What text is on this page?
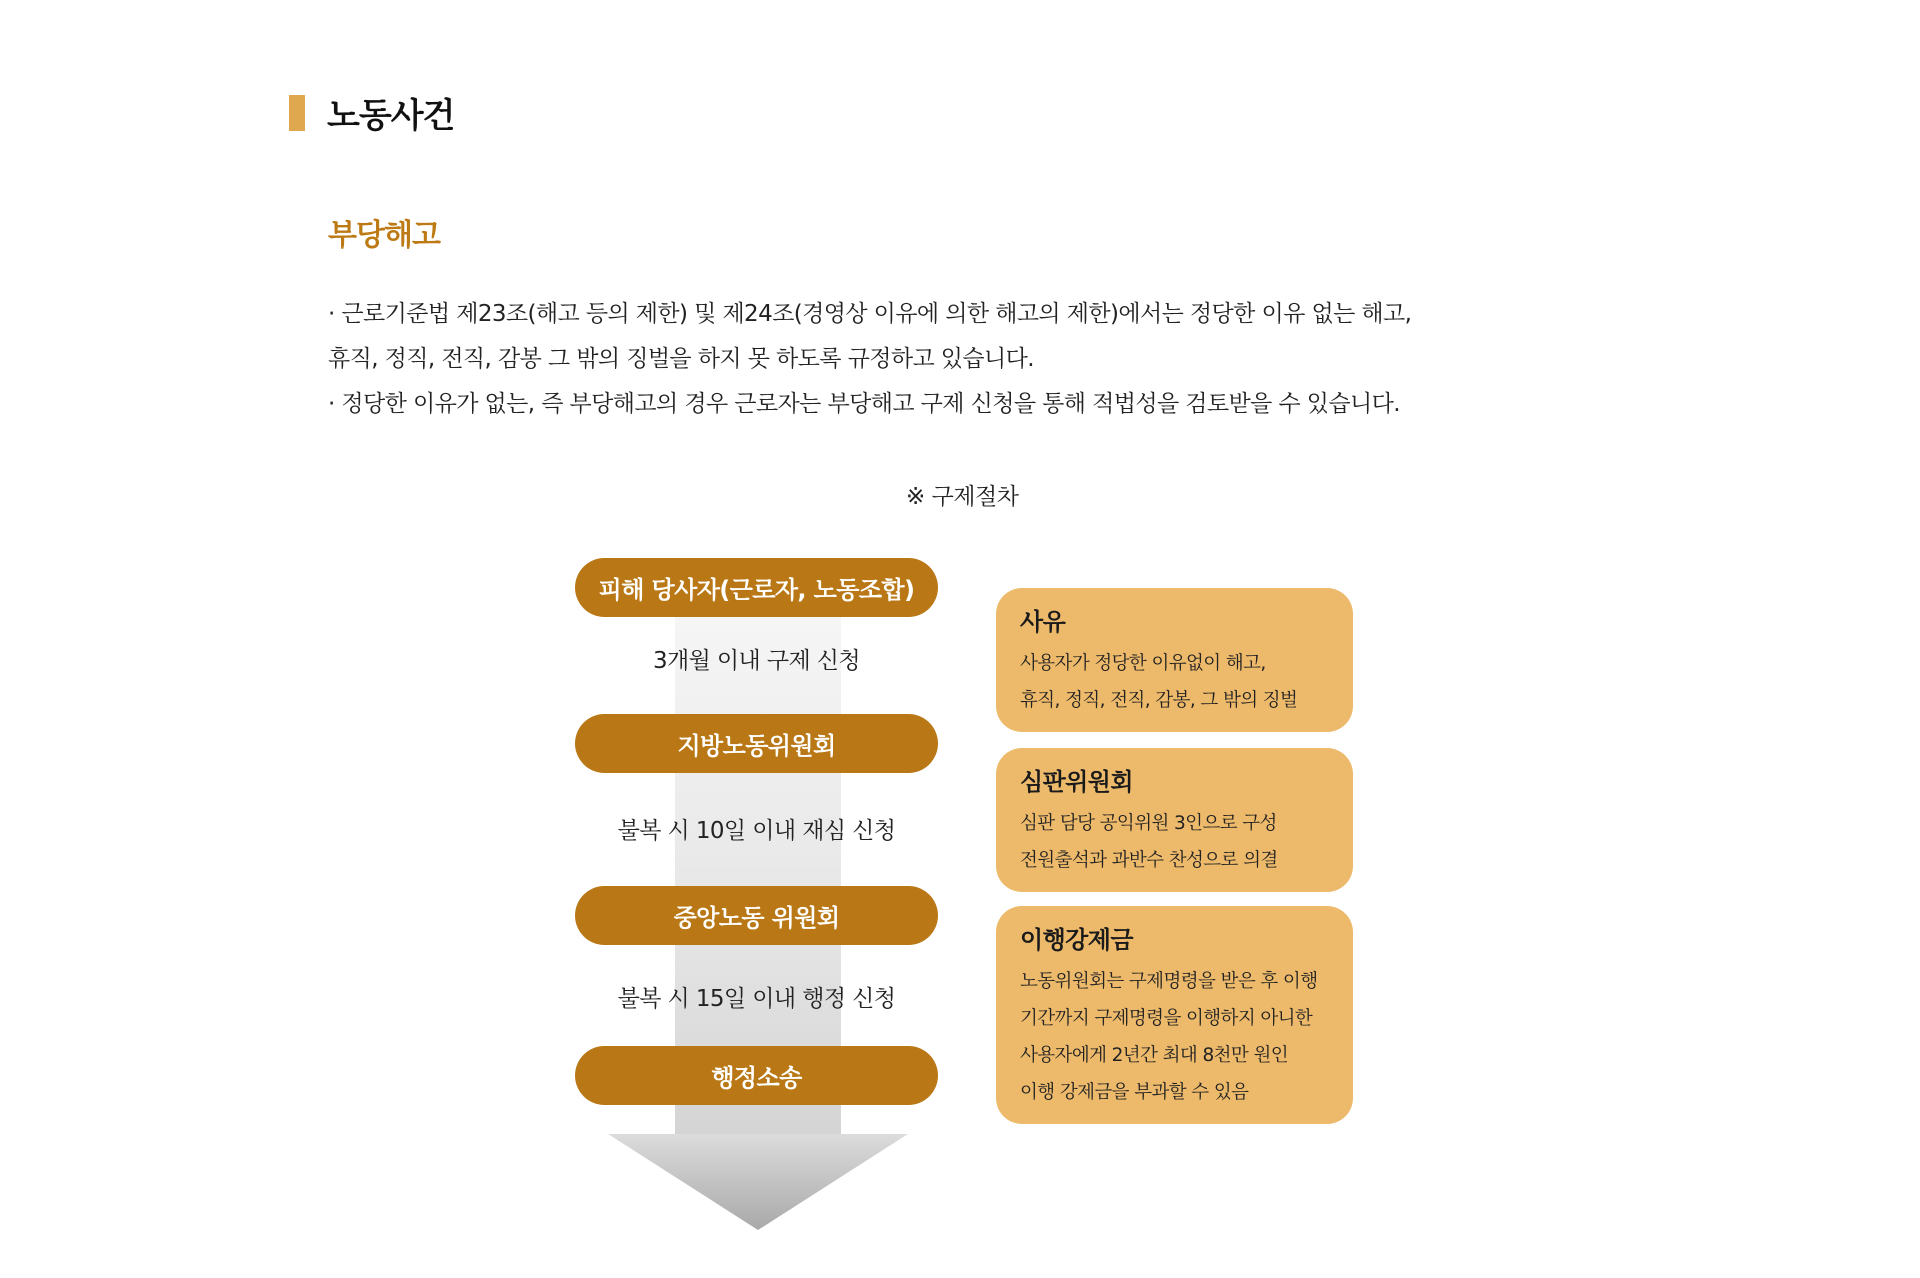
노동사건
부당해고

· 근로기준법 제23조(해고 등의 제한) 및 제24조(경영상 이유에 의한 해고의 제한)에서는 정당한 이유 없는 해고,

휴직, 정직, 전직, 감봉 그 밖의 징벌을 하지 못 하도록 규정하고 있습니다.

· 정당한 이유가 없는, 즉 부당해고의 경우 근로자는 부당해고 구제 신청을 통해 적법성을 검토받을 수 있습니다.

※ 구제절차
피해 당사자(근로자, 노동조합)
3개월 이내 구제 신청
지방노동위원회
불복 시 10일 이내 재심 신청
중앙노동 위원회
불복 시 15일 이내 행정 신청
행정소송
사유
사용자가 정당한 이유없이 해고,
휴직, 정직, 전직, 감봉, 그 밖의 징벌
심판위원회
심판 담당 공익위원 3인으로 구성
전원출석과 과반수 찬성으로 의결
이행강제금
노동위원회는 구제명령을 받은 후 이행
기간까지 구제명령을 이행하지 아니한
사용자에게 2년간 최대 8천만 원인
이행 강제금을 부과할 수 있음
